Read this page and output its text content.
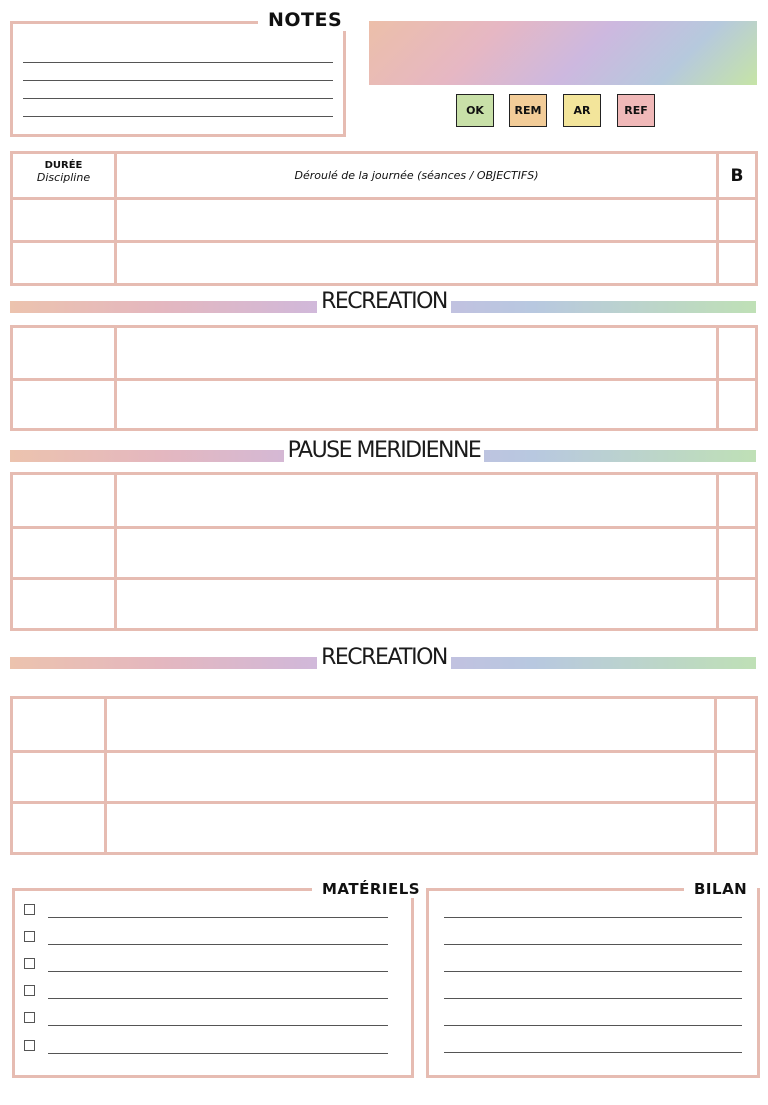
NOTES
OK	REM	AR	REF
DURÉE
Discipline	Déroulé de la journée (séances / OBJECTIFS)	B
RECREATION
PAUSE MERIDIENNE
RECREATION
MATÉRIELS	BILAN
